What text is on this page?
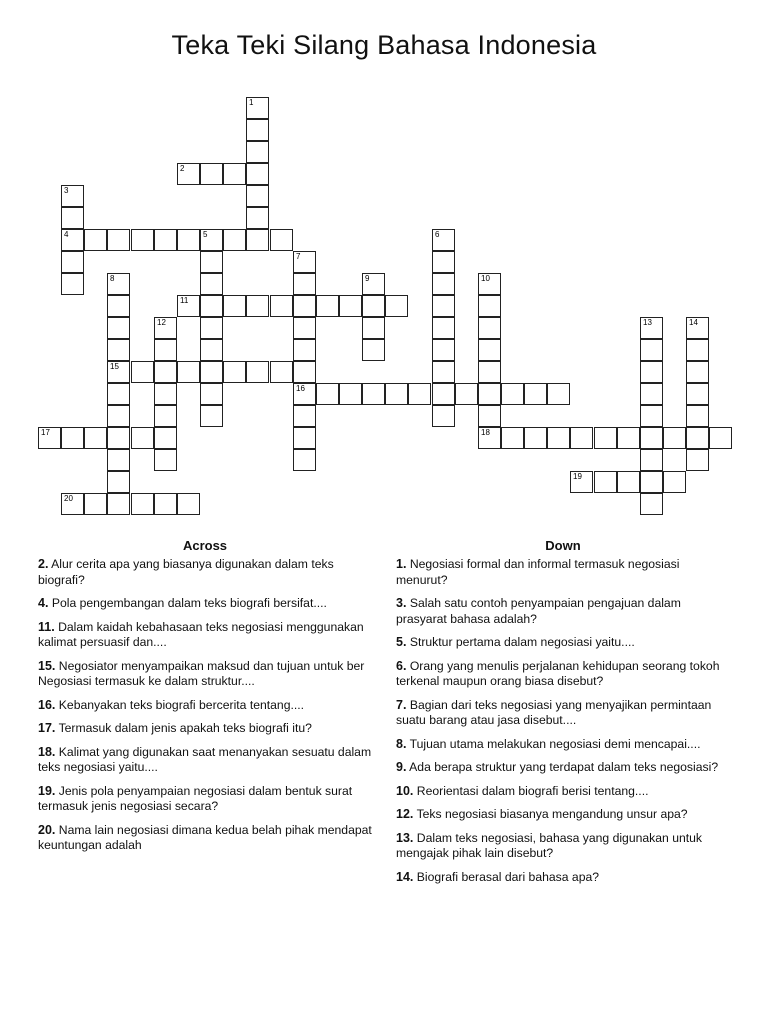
Teka Teki Silang Bahasa Indonesia
1
2
3
4	5	6
7
16
8
15
9	10
18
11
12	13	14
17
19
20
Across	Down
2. Alur cerita apa yang biasanya digunakan dalam teks biografi?
4. Pola pengembangan dalam teks biografi bersifat....
11. Dalam kaidah kebahasaan teks negosiasi menggunakan kalimat persuasif dan....
15. Negosiator menyampaikan maksud dan tujuan untuk ber Negosiasi termasuk ke dalam struktur....
16. Kebanyakan teks biografi bercerita tentang....
17. Termasuk dalam jenis apakah teks biografi itu?
18. Kalimat yang digunakan saat menanyakan sesuatu dalam teks negosiasi yaitu....
19. Jenis pola penyampaian negosiasi dalam bentuk surat termasuk jenis negosiasi secara?
20. Nama lain negosiasi dimana kedua belah pihak mendapat keuntungan adalah
1. Negosiasi formal dan informal termasuk negosiasi menurut?
3. Salah satu contoh penyampaian pengajuan dalam prasyarat bahasa adalah?
5. Struktur pertama dalam negosiasi yaitu....
6. Orang yang menulis perjalanan kehidupan seorang tokoh terkenal maupun orang biasa disebut?
7. Bagian dari teks negosiasi yang menyajikan permintaan suatu barang atau jasa disebut....
8. Tujuan utama melakukan negosiasi demi mencapai....
9. Ada berapa struktur yang terdapat dalam teks negosiasi?
10. Reorientasi dalam biografi berisi tentang....
12. Teks negosiasi biasanya mengandung unsur apa?
13. Dalam teks negosiasi, bahasa yang digunakan untuk mengajak pihak lain disebut?
14. Biografi berasal dari bahasa apa?
